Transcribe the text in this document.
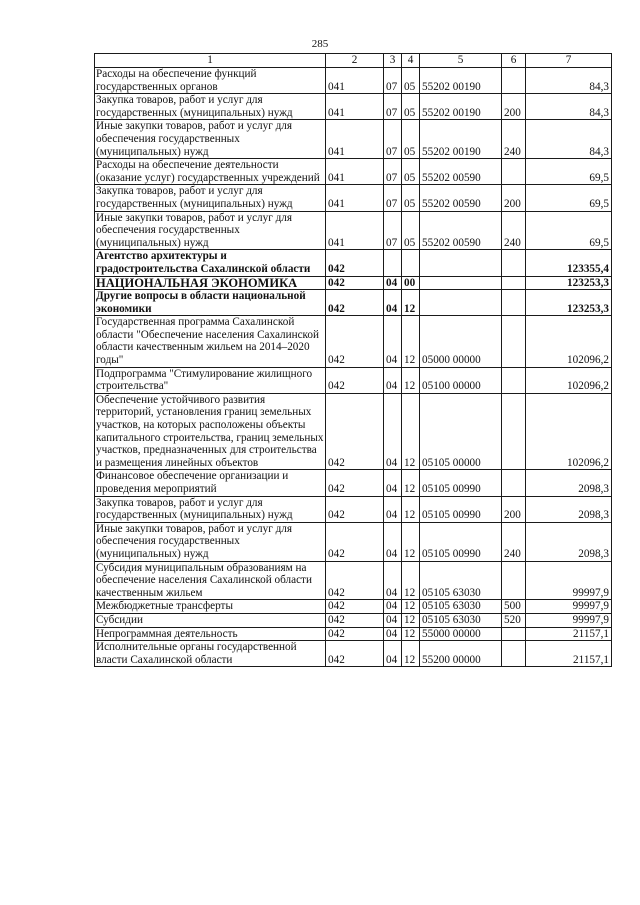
285
1	2	3	4	5	6	7
Расходы на обеспечение функций государственных органов	041	07	05	55202 00190		84,3
Закупка товаров, работ и услуг для государственных (муниципальных) нужд	041	07	05	55202 00190	200	84,3
Иные закупки товаров, работ и услуг для обеспечения государственных (муниципальных) нужд	041	07	05	55202 00190	240	84,3
Расходы на обеспечение деятельности (оказание услуг) государственных учреждений	041	07	05	55202 00590		69,5
Закупка товаров, работ и услуг для государственных (муниципальных) нужд	041	07	05	55202 00590	200	69,5
Иные закупки товаров, работ и услуг для обеспечения государственных (муниципальных) нужд	041	07	05	55202 00590	240	69,5
Агентство архитектуры и градостроительства Сахалинской области	042					123355,4
НАЦИОНАЛЬНАЯ ЭКОНОМИКА	042	04	00			123253,3
Другие вопросы в области национальной экономики	042	04	12			123253,3
Государственная программа Сахалинской области "Обеспечение населения Сахалинской области качественным жильем на 2014–2020 годы"	042	04	12	05000 00000		102096,2
Подпрограмма "Стимулирование жилищного строительства"	042	04	12	05100 00000		102096,2
Обеспечение устойчивого развития территорий, установления границ земельных участков, на которых расположены объекты капитального строительства, границ земельных участков, предназначенных для строительства и размещения линейных объектов	042	04	12	05105 00000		102096,2
Финансовое обеспечение организации и проведения мероприятий	042	04	12	05105 00990		2098,3
Закупка товаров, работ и услуг для государственных (муниципальных) нужд	042	04	12	05105 00990	200	2098,3
Иные закупки товаров, работ и услуг для обеспечения государственных (муниципальных) нужд	042	04	12	05105 00990	240	2098,3
Субсидия муниципальным образованиям на обеспечение населения Сахалинской области качественным жильем	042	04	12	05105 63030		99997,9
Межбюджетные трансферты	042	04	12	05105 63030	500	99997,9
Субсидии	042	04	12	05105 63030	520	99997,9
Непрограммная деятельность	042	04	12	55000 00000		21157,1
Исполнительные органы государственной власти Сахалинской области	042	04	12	55200 00000		21157,1
